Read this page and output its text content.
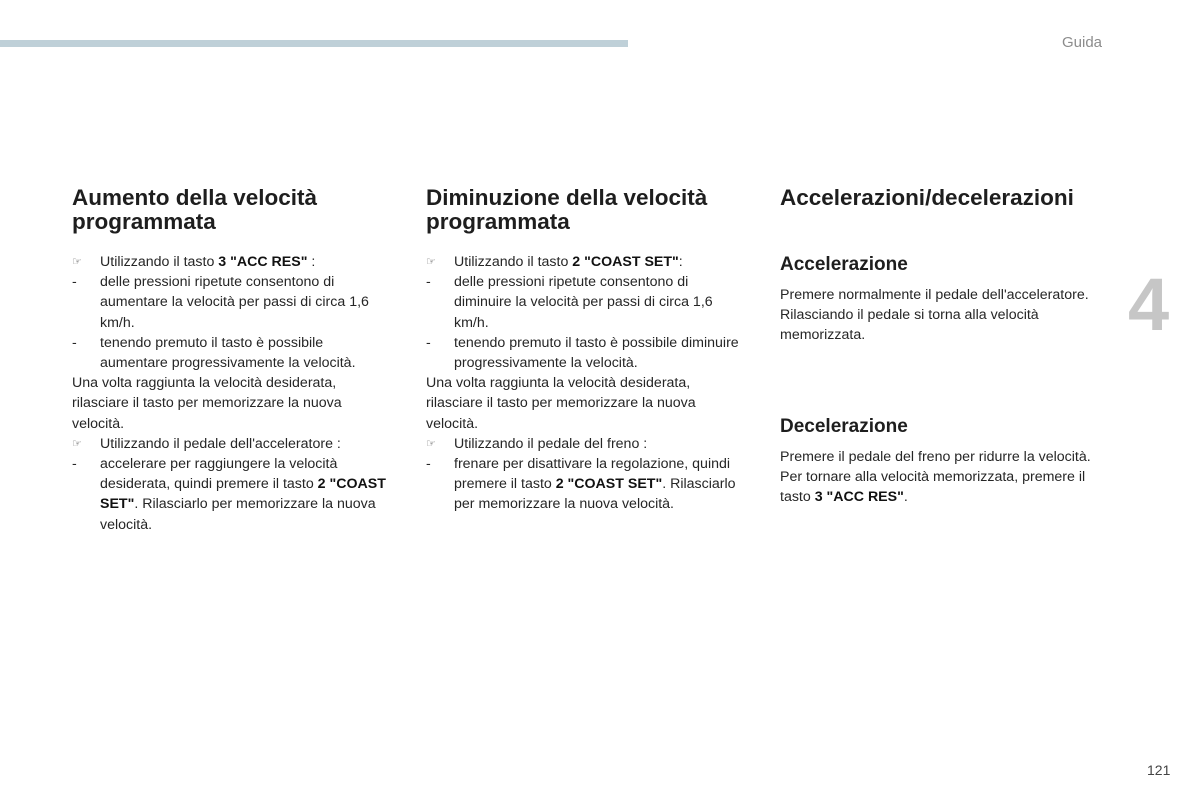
Guida
4
121
Aumento della velocità
programmata
☞	Utilizzando il tasto 3 "ACC RES" :
-	delle pressioni ripetute consentono di aumentare la velocità per passi di circa 1,6 km/h.
-	tenendo premuto il tasto è possibile aumentare progressivamente la velocità.
Una volta raggiunta la velocità desiderata, rilasciare il tasto per memorizzare la nuova velocità.
☞	Utilizzando il pedale dell'acceleratore :
-	accelerare per raggiungere la velocità desiderata, quindi premere il tasto 2 "COAST SET". Rilasciarlo per memorizzare la nuova velocità.
Diminuzione della velocità
programmata
☞	Utilizzando il tasto 2 "COAST SET":
-	delle pressioni ripetute consentono di diminuire la velocità per passi di circa 1,6 km/h.
-	tenendo premuto il tasto è possibile diminuire progressivamente la velocità.
Una volta raggiunta la velocità desiderata, rilasciare il tasto per memorizzare la nuova velocità.
☞	Utilizzando il pedale del freno :
-	frenare per disattivare la regolazione, quindi premere il tasto 2 "COAST SET". Rilasciarlo per memorizzare la nuova velocità.
Accelerazioni/decelerazioni
Accelerazione
Premere normalmente il pedale dell'acceleratore. Rilasciando il pedale si torna alla velocità memorizzata.
Decelerazione
Premere il pedale del freno per ridurre la velocità. Per tornare alla velocità memorizzata, premere il tasto 3 "ACC RES".
